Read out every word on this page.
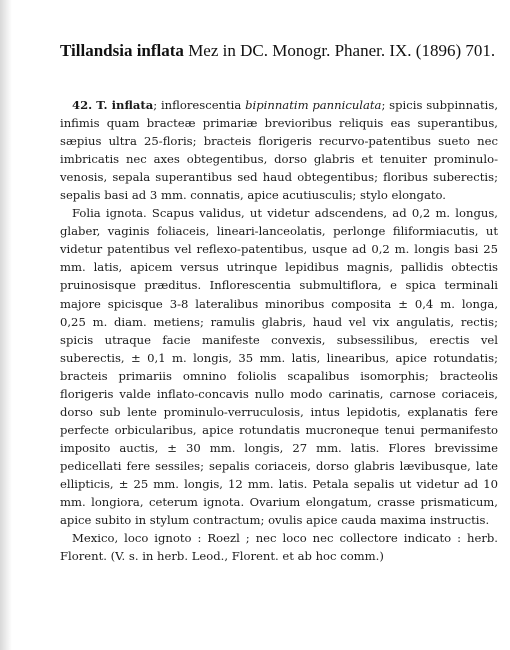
Tillandsia inflata Mez in DC. Monogr. Phaner. IX. (1896) 701.

42. T. inflata; inflorescentia bipinnatim panniculata; spicis subpinnatis, infimis quam bracteæ primariæ brevioribus reliquis eas superantibus, sæpius ultra 25-floris; bracteis florigeris recurvo-patentibus sueto nec imbricatis nec axes obtegentibus, dorso glabris et tenuiter prominulo-venosis, sepala superantibus sed haud obtegentibus; floribus suberectis; sepalis basi ad 3 mm. connatis, apice acutiusculis; stylo elongato.

Folia ignota. Scapus validus, ut videtur adscendens, ad 0,2 m. longus, glaber, vaginis foliaceis, lineari-lanceolatis, perlonge filiformiacutis, ut videtur patentibus vel reflexo-patentibus, usque ad 0,2 m. longis basi 25 mm. latis, apicem versus utrinque lepidibus magnis, pallidis obtectis pruinosisque præditus. Inflorescentia submultiflora, e spica terminali majore spicisque 3-8 lateralibus minoribus composita ± 0,4 m. longa, 0,25 m. diam. metiens; ramulis glabris, haud vel vix angulatis, rectis; spicis utraque facie manifeste convexis, subsessilibus, erectis vel suberectis, ± 0,1 m. longis, 35 mm. latis, linearibus, apice rotundatis; bracteis primariis omnino foliolis scapalibus isomorphis; bracteolis florigeris valde inflato-concavis nullo modo carinatis, carnose coriaceis, dorso sub lente prominulo-verruculosis, intus lepidotis, explanatis fere perfecte orbicularibus, apice rotundatis mucroneque tenui permanifesto imposito auctis, ± 30 mm. longis, 27 mm. latis. Flores brevissime pedicellati fere sessiles; sepalis coriaceis, dorso glabris lævibusque, late ellipticis, ± 25 mm. longis, 12 mm. latis. Petala sepalis ut videtur ad 10 mm. longiora, ceterum ignota. Ovarium elongatum, crasse prismaticum, apice subito in stylum contractum; ovulis apice cauda maxima instructis.

Mexico, loco ignoto : Roezl ; nec loco nec collectore indicato : herb. Florent. (V. s. in herb. Leod., Florent. et ab hoc comm.)
